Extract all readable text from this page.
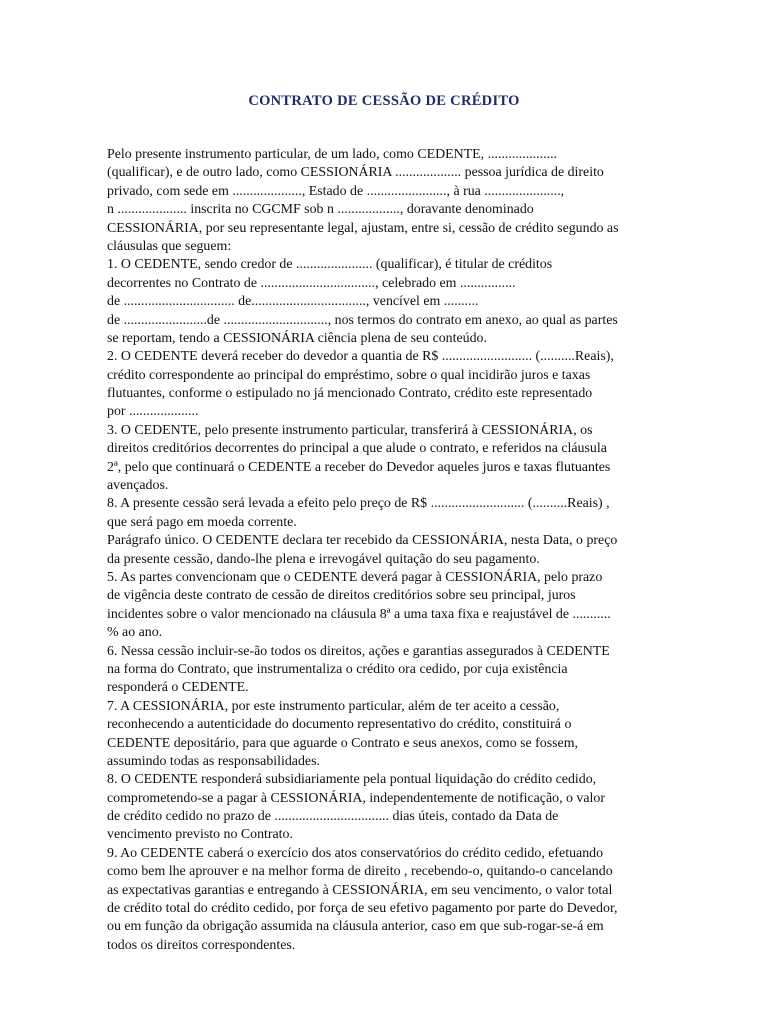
CONTRATO DE CESSÃO DE CRÉDITO
Pelo presente instrumento particular, de um lado, como CEDENTE, ....................
(qualificar), e de outro lado, como CESSIONÁRIA ................... pessoa jurídica de direito
privado, com sede em ...................., Estado de ......................., à rua ......................,
n .................... inscrita no CGCMF sob n .................., doravante denominado
CESSIONÁRIA, por seu representante legal, ajustam, entre si, cessão de crédito segundo as
cláusulas que seguem:
1. O CEDENTE, sendo credor de ...................... (qualificar), é titular de créditos
decorrentes no Contrato de ................................., celebrado em ................
de ................................ de................................., vencível em ..........
de ........................de .............................., nos termos do contrato em anexo, ao qual as partes
se reportam, tendo a CESSIONÁRIA ciência plena de seu conteúdo.
2. O CEDENTE deverá receber do devedor a quantia de R$ .......................... (..........Reais),
crédito correspondente ao principal do empréstimo, sobre o qual incidirão juros e taxas
flutuantes, conforme o estipulado no já mencionado Contrato, crédito este representado
por ....................
3. O CEDENTE, pelo presente instrumento particular, transferirá à CESSIONÁRIA, os
direitos creditórios decorrentes do principal a que alude o contrato, e referidos na cláusula
2ª, pelo que continuará o CEDENTE a receber do Devedor aqueles juros e taxas flutuantes
avençados.
8. A presente cessão será levada a efeito pelo preço de R$ ........................... (..........Reais) ,
que será pago em moeda corrente.
Parágrafo único. O CEDENTE declara ter recebido da CESSIONÁRIA, nesta Data, o preço
da presente cessão, dando-lhe plena e irrevogável quitação do seu pagamento.
5. As partes convencionam que o CEDENTE deverá pagar à CESSIONÁRIA, pelo prazo
de vigência deste contrato de cessão de direitos creditórios sobre seu principal, juros
incidentes sobre o valor mencionado na cláusula 8ª a uma taxa fixa e reajustável de ...........
% ao ano.
6. Nessa cessão incluir-se-ão todos os direitos, ações e garantias assegurados à CEDENTE
na forma do Contrato, que instrumentaliza o crédito ora cedido, por cuja existência
responderá o CEDENTE.
7. A CESSIONÁRIA, por este instrumento particular, além de ter aceito a cessão,
reconhecendo a autenticidade do documento representativo do crédito, constituirá o
CEDENTE depositário, para que aguarde o Contrato e seus anexos, como se fossem,
assumindo todas as responsabilidades.
8. O CEDENTE responderá subsidiariamente pela pontual liquidação do crédito cedido,
comprometendo-se a pagar à CESSIONÁRIA, independentemente de notificação, o valor
de crédito cedido no prazo de ................................. dias úteis, contado da Data de
vencimento previsto no Contrato.
9. Ao CEDENTE caberá o exercício dos atos conservatórios do crédito cedido, efetuando
como bem lhe aprouver e na melhor forma de direito , recebendo-o, quitando-o cancelando
as expectativas garantias e entregando à CESSIONÁRIA, em seu vencimento, o valor total
de crédito total do crédito cedido, por força de seu efetivo pagamento por parte do Devedor,
ou em função da obrigação assumida na cláusula anterior, caso em que sub-rogar-se-á em
todos os direitos correspondentes.
